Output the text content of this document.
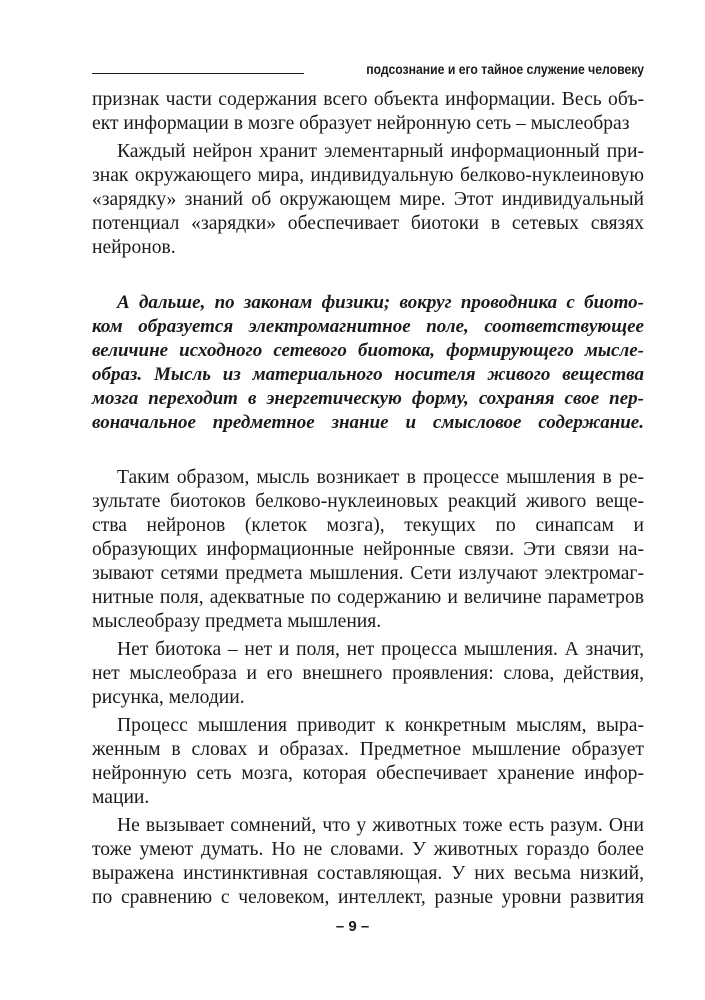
подсознание и его тайное служение человеку
признак части содержания всего объекта информации. Весь объ-
ект информации в мозге образует нейронную сеть – мыслеобраз
Каждый нейрон хранит элементарный информационный при-
знак окружающего мира, индивидуальную белково-нуклеиновую
«зарядку» знаний об окружающем мире. Этот индивидуальный
потенциал «зарядки» обеспечивает биотоки в сетевых связях
нейронов.
А дальше, по законам физики; вокруг проводника с биото-
ком образуется электромагнитное поле, соответствующее
величине исходного сетевого биотока, формирующего мысле-
образ. Мысль из материального носителя живого вещества
мозга переходит в энергетическую форму, сохраняя свое пер-
воначальное предметное знание и смысловое содержание.
Таким образом, мысль возникает в процессе мышления в ре-
зультате биотоков белково-нуклеиновых реакций живого веще-
ства нейронов (клеток мозга), текущих по синапсам и
образующих информационные нейронные связи. Эти связи на-
зывают сетями предмета мышления. Сети излучают электромаг-
нитные поля, адекватные по содержанию и величине параметров
мыслеобразу предмета мышления.
Нет биотока – нет и поля, нет процесса мышления. А значит,
нет мыслеобраза и его внешнего проявления: слова, действия,
рисунка, мелодии.
Процесс мышления приводит к конкретным мыслям, выра-
женным в словах и образах. Предметное мышление образует
нейронную сеть мозга, которая обеспечивает хранение инфор-
мации.
Не вызывает сомнений, что у животных тоже есть разум. Они
тоже умеют думать. Но не словами. У животных гораздо более
выражена инстинктивная составляющая. У них весьма низкий,
по сравнению с человеком, интеллект, разные уровни развития
– 9 –
